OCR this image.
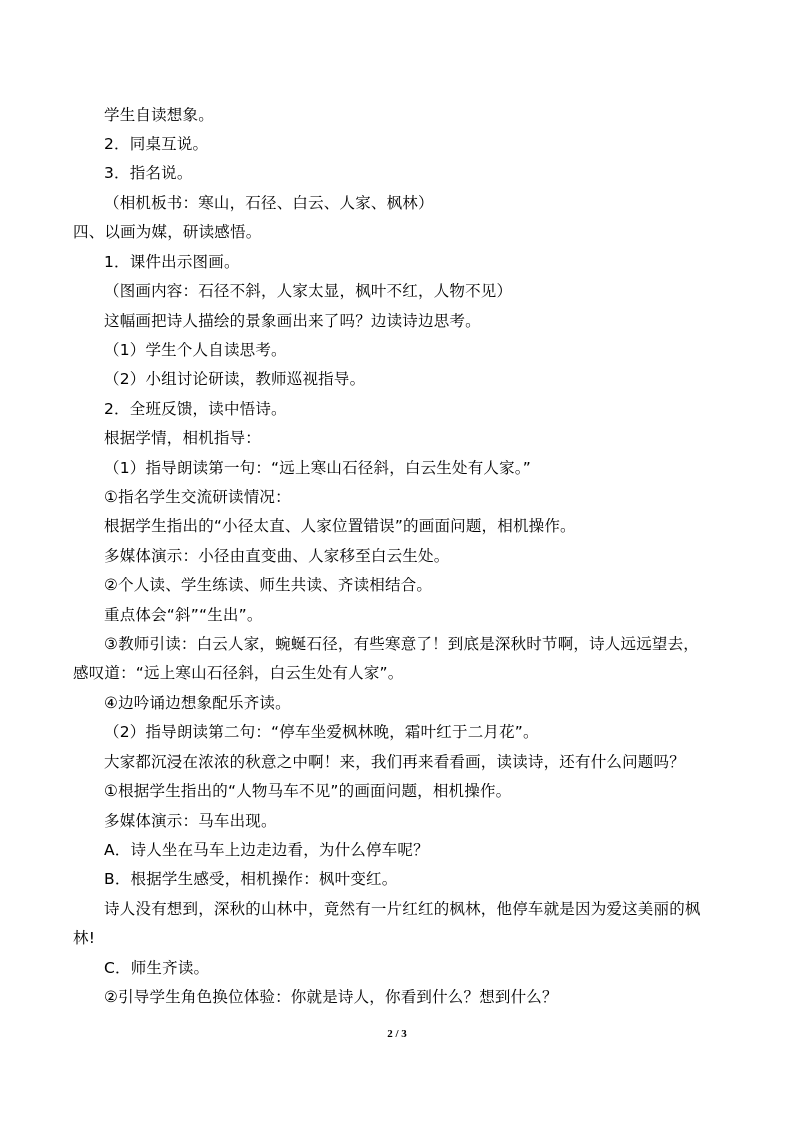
学生自读想象。
2．同桌互说。
3．指名说。
（相机板书：寒山，石径、白云、人家、枫林）
四、以画为媒，研读感悟。
1．课件出示图画。
（图画内容：石径不斜，人家太显，枫叶不红，人物不见）
这幅画把诗人描绘的景象画出来了吗？边读诗边思考。
（1）学生个人自读思考。
（2）小组讨论研读，教师巡视指导。
2．全班反馈，读中悟诗。
根据学情，相机指导：
（1）指导朗读第一句：“远上寒山石径斜，白云生处有人家。”
①指名学生交流研读情况：
根据学生指出的“小径太直、人家位置错误”的画面问题，相机操作。
多媒体演示：小径由直变曲、人家移至白云生处。
②个人读、学生练读、师生共读、齐读相结合。
重点体会“斜”“生出”。
③教师引读：白云人家，蜿蜒石径，有些寒意了！到底是深秋时节啊，诗人远远望去，
感叹道：“远上寒山石径斜，白云生处有人家”。
④边吟诵边想象配乐齐读。
（2）指导朗读第二句：“停车坐爱枫林晚，霜叶红于二月花”。
大家都沉浸在浓浓的秋意之中啊！来，我们再来看看画，读读诗，还有什么问题吗？
①根据学生指出的“人物马车不见”的画面问题，相机操作。
多媒体演示：马车出现。
A．诗人坐在马车上边走边看，为什么停车呢？
B．根据学生感受，相机操作：枫叶变红。
诗人没有想到，深秋的山林中，竟然有一片红红的枫林，他停车就是因为爱这美丽的枫
林!
C．师生齐读。
②引导学生角色换位体验：你就是诗人，你看到什么？想到什么？
2 / 3
